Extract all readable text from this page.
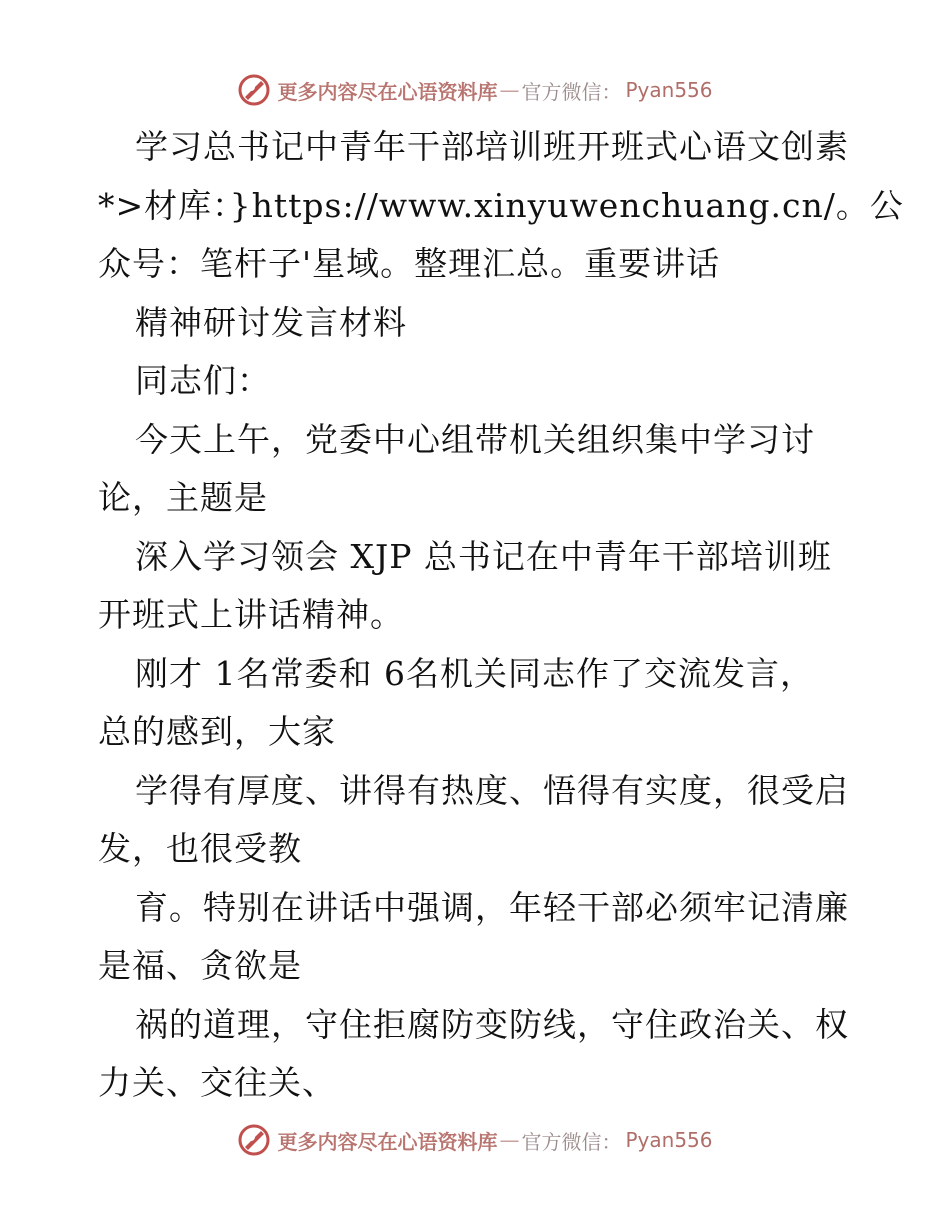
更多内容尽在心语资料库 — 官方微信： Pyan556
学习总书记中青年干部培训班开班式心语文创素
*>材库：}https://www.xinyuwenchuang.cn/。公
众号：笔杆子'星域。整理汇总。重要讲话
精神研讨发言材料
同志们：
今天上午，党委中心组带机关组织集中学习讨
论，主题是
深入学习领会 XJP 总书记在中青年干部培训班
开班式上讲话精神。
刚才 1名常委和 6名机关同志作了交流发言，
总的感到，大家
学得有厚度、讲得有热度、悟得有实度，很受启
发，也很受教
育。特别在讲话中强调，年轻干部必须牢记清廉
是福、贪欲是
祸的道理，守住拒腐防变防线，守住政治关、权
力关、交往关、
更多内容尽在心语资料库 — 官方微信： Pyan556
